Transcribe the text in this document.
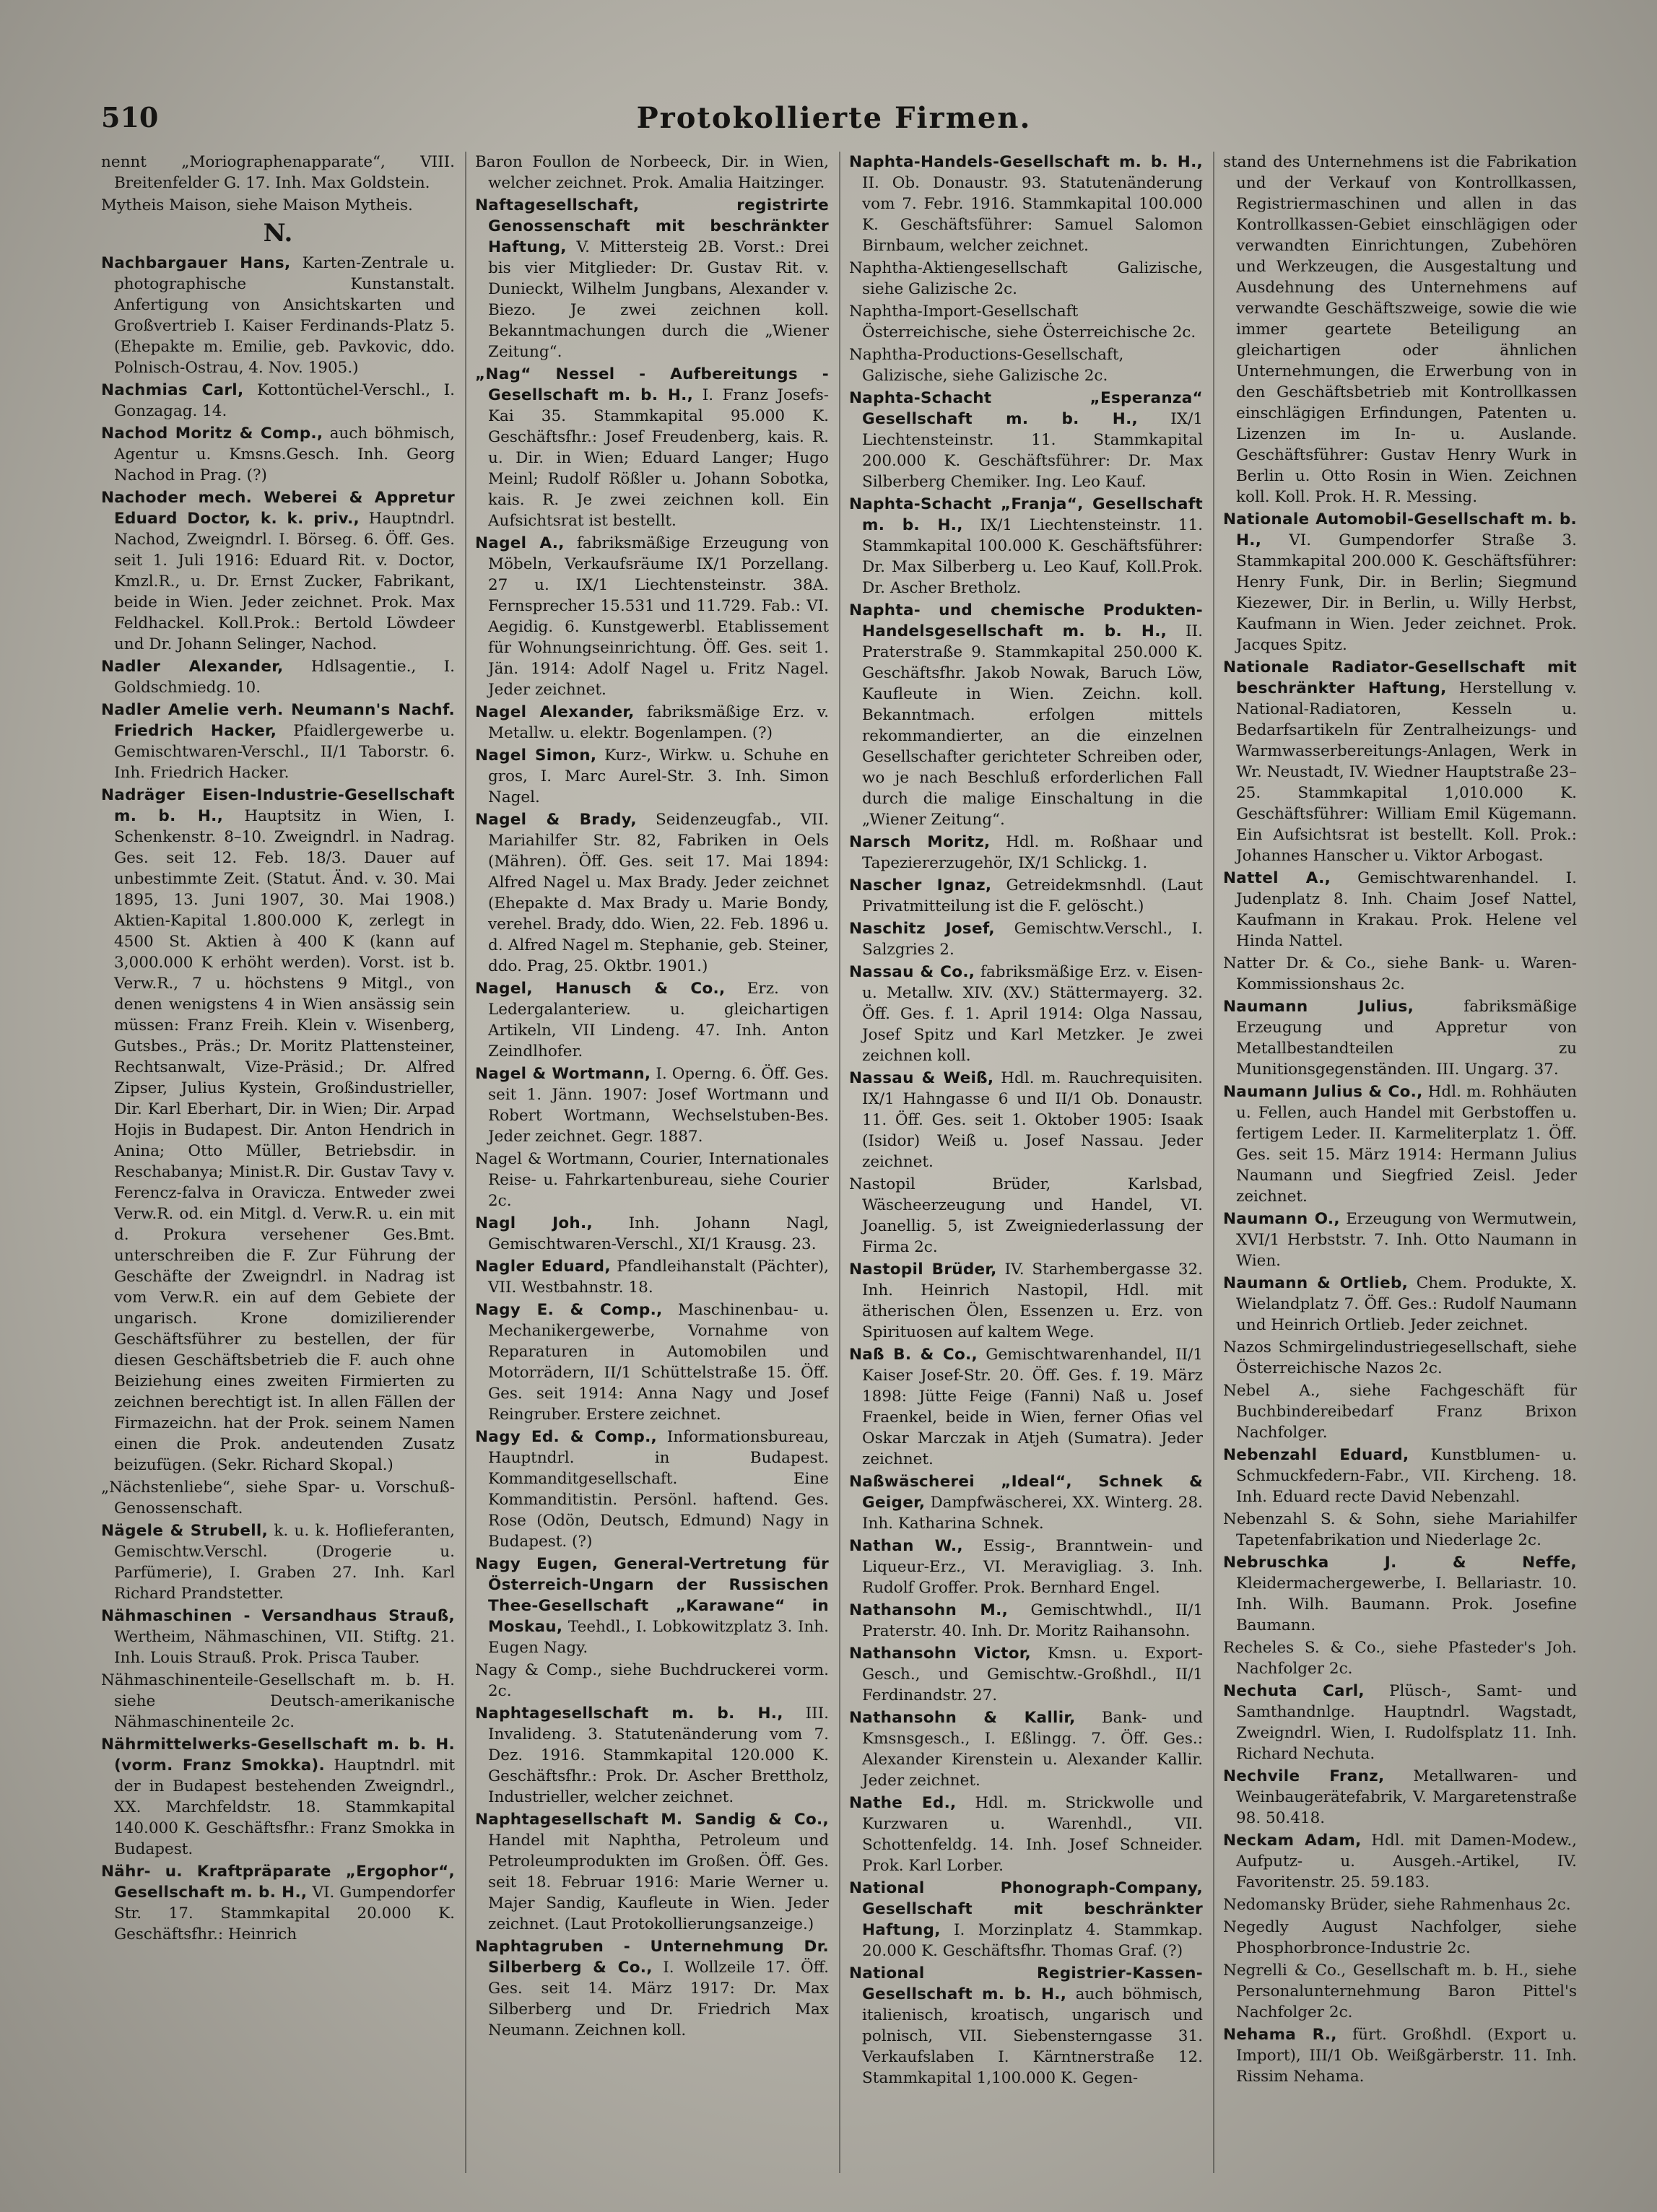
510	Protokollierte Firmen.

nennt „Moriographenapparate“, VIII. Breitenfelder G. 17. Inh. Max Goldstein.

Mytheis Maison, siehe Maison Mytheis.

N.

Nachbargauer Hans, Karten-Zentrale u. photographische Kunstanstalt. Anfertigung von Ansichtskarten und Großvertrieb I. Kaiser Ferdinands-Platz 5. (Ehepakte m. Emilie, geb. Pavkovic, ddo. Polnisch-Ostrau, 4. Nov. 1905.)

Nachmias Carl, Kottontüchel-Verschl., I. Gonzagag. 14.

Nachod Moritz & Comp., auch böhmisch, Agentur u. Kmsns.Gesch. Inh. Georg Nachod in Prag. (?)

Nachoder mech. Weberei & Appretur Eduard Doctor, k. k. priv., Hauptndrl. Nachod, Zweigndrl. I. Börseg. 6. Öff. Ges. seit 1. Juli 1916: Eduard Rit. v. Doctor, Kmzl.R., u. Dr. Ernst Zucker, Fabrikant, beide in Wien. Jeder zeichnet. Prok. Max Feldhackel. Koll.Prok.: Bertold Löwdeer und Dr. Johann Selinger, Nachod.

Nadler Alexander, Hdlsagentie., I. Goldschmiedg. 10.

Nadler Amelie verh. Neumann's Nachf. Friedrich Hacker, Pfaidlergewerbe u. Gemischtwaren-Verschl., II/1 Taborstr. 6. Inh. Friedrich Hacker.

Nadräger Eisen-Industrie-Gesellschaft m. b. H., Hauptsitz in Wien, I. Schenkenstr. 8–10. Zweigndrl. in Nadrag. Ges. seit 12. Feb. 18/3. Dauer auf unbestimmte Zeit. (Statut. Änd. v. 30. Mai 1895, 13. Juni 1907, 30. Mai 1908.) Aktien-Kapital 1.800.000 K, zerlegt in 4500 St. Aktien à 400 K (kann auf 3,000.000 K erhöht werden). Vorst. ist b. Verw.R., 7 u. höchstens 9 Mitgl., von denen wenigstens 4 in Wien ansässig sein müssen: Franz Freih. Klein v. Wisenberg, Gutsbes., Präs.; Dr. Moritz Plattensteiner, Rechtsanwalt, Vize-Präsid.; Dr. Alfred Zipser, Julius Kystein, Großindustrieller, Dir. Karl Eberhart, Dir. in Wien; Dir. Arpad Hojis in Budapest. Dir. Anton Hendrich in Anina; Otto Müller, Betriebsdir. in Reschabanya; Minist.R. Dir. Gustav Tavy v. Ferencz-falva in Oravicza. Entweder zwei Verw.R. od. ein Mitgl. d. Verw.R. u. ein mit d. Prokura versehener Ges.Bmt. unterschreiben die F. Zur Führung der Geschäfte der Zweigndrl. in Nadrag ist vom Verw.R. ein auf dem Gebiete der ungarisch. Krone domizilierender Geschäftsführer zu bestellen, der für diesen Geschäftsbetrieb die F. auch ohne Beiziehung eines zweiten Firmierten zu zeichnen berechtigt ist. In allen Fällen der Firmazeichn. hat der Prok. seinem Namen einen die Prok. andeutenden Zusatz beizufügen. (Sekr. Richard Skopal.)

„Nächstenliebe“, siehe Spar- u. Vorschuß-Genossenschaft.

Nägele & Strubell, k. u. k. Hoflieferanten, Gemischtw.Verschl. (Drogerie u. Parfümerie), I. Graben 27. Inh. Karl Richard Prandstetter.

Nähmaschinen - Versandhaus Strauß, Wertheim, Nähmaschinen, VII. Stiftg. 21. Inh. Louis Strauß. Prok. Prisca Tauber.

Nähmaschinenteile-Gesellschaft m. b. H. siehe Deutsch-amerikanische Nähmaschinenteile 2c.

Nährmittelwerks-Gesellschaft m. b. H. (vorm. Franz Smokka). Hauptndrl. mit der in Budapest bestehenden Zweigndrl., XX. Marchfeldstr. 18. Stammkapital 140.000 K. Geschäftsfhr.: Franz Smokka in Budapest.

Nähr- u. Kraftpräparate „Ergophor“, Gesellschaft m. b. H., VI. Gumpendorfer Str. 17. Stammkapital 20.000 K. Geschäftsfhr.: Heinrich

Baron Foullon de Norbeeck, Dir. in Wien, welcher zeichnet. Prok. Amalia Haitzinger.

Naftagesellschaft, registrirte Genossenschaft mit beschränkter Haftung, V. Mittersteig 2B. Vorst.: Drei bis vier Mitglieder: Dr. Gustav Rit. v. Dunieckt, Wilhelm Jungbans, Alexander v. Biezo. Je zwei zeichnen koll. Bekanntmachungen durch die „Wiener Zeitung“.

„Nag“ Nessel - Aufbereitungs - Gesellschaft m. b. H., I. Franz Josefs-Kai 35. Stammkapital 95.000 K. Geschäftsfhr.: Josef Freudenberg, kais. R. u. Dir. in Wien; Eduard Langer; Hugo Meinl; Rudolf Rößler u. Johann Sobotka, kais. R. Je zwei zeichnen koll. Ein Aufsichtsrat ist bestellt.

Nagel A., fabriksmäßige Erzeugung von Möbeln, Verkaufsräume IX/1 Porzellang. 27 u. IX/1 Liechtensteinstr. 38A. Fernsprecher 15.531 und 11.729. Fab.: VI. Aegidig. 6. Kunstgewerbl. Etablissement für Wohnungseinrichtung. Öff. Ges. seit 1. Jän. 1914: Adolf Nagel u. Fritz Nagel. Jeder zeichnet.

Nagel Alexander, fabriksmäßige Erz. v. Metallw. u. elektr. Bogenlampen. (?)

Nagel Simon, Kurz-, Wirkw. u. Schuhe en gros, I. Marc Aurel-Str. 3. Inh. Simon Nagel.

Nagel & Brady, Seidenzeugfab., VII. Mariahilfer Str. 82, Fabriken in Oels (Mähren). Öff. Ges. seit 17. Mai 1894: Alfred Nagel u. Max Brady. Jeder zeichnet (Ehepakte d. Max Brady u. Marie Bondy, verehel. Brady, ddo. Wien, 22. Feb. 1896 u. d. Alfred Nagel m. Stephanie, geb. Steiner, ddo. Prag, 25. Oktbr. 1901.)

Nagel, Hanusch & Co., Erz. von Ledergalanteriew. u. gleichartigen Artikeln, VII Lindeng. 47. Inh. Anton Zeindlhofer.

Nagel & Wortmann, I. Operng. 6. Öff. Ges. seit 1. Jänn. 1907: Josef Wortmann und Robert Wortmann, Wechselstuben-Bes. Jeder zeichnet. Gegr. 1887.

Nagel & Wortmann, Courier, Internationales Reise- u. Fahrkartenbureau, siehe Courier 2c.

Nagl Joh., Inh. Johann Nagl, Gemischtwaren-Verschl., XI/1 Krausg. 23.

Nagler Eduard, Pfandleihanstalt (Pächter), VII. Westbahnstr. 18.

Nagy E. & Comp., Maschinenbau- u. Mechanikergewerbe, Vornahme von Reparaturen in Automobilen und Motorrädern, II/1 Schüttelstraße 15. Öff. Ges. seit 1914: Anna Nagy und Josef Reingruber. Erstere zeichnet.

Nagy Ed. & Comp., Informationsbureau, Hauptndrl. in Budapest. Kommanditgesellschaft. Eine Kommanditistin. Persönl. haftend. Ges. Rose (Odön, Deutsch, Edmund) Nagy in Budapest. (?)

Nagy Eugen, General-Vertretung für Österreich-Ungarn der Russischen Thee-Gesellschaft „Karawane“ in Moskau, Teehdl., I. Lobkowitzplatz 3. Inh. Eugen Nagy.

Nagy & Comp., siehe Buchdruckerei vorm. 2c.

Naphtagesellschaft m. b. H., III. Invalideng. 3. Statutenänderung vom 7. Dez. 1916. Stammkapital 120.000 K. Geschäftsfhr.: Prok. Dr. Ascher Brettholz, Industrieller, welcher zeichnet.

Naphtagesellschaft M. Sandig & Co., Handel mit Naphtha, Petroleum und Petroleumprodukten im Großen. Öff. Ges. seit 18. Februar 1916: Marie Werner u. Majer Sandig, Kaufleute in Wien. Jeder zeichnet. (Laut Protokollierungsanzeige.)

Naphtagruben - Unternehmung Dr. Silberberg & Co., I. Wollzeile 17. Öff. Ges. seit 14. März 1917: Dr. Max Silberberg und Dr. Friedrich Max Neumann. Zeichnen koll.

Naphta-Handels-Gesellschaft m. b. H., II. Ob. Donaustr. 93. Statutenänderung vom 7. Febr. 1916. Stammkapital 100.000 K. Geschäftsführer: Samuel Salomon Birnbaum, welcher zeichnet.

Naphtha-Aktiengesellschaft Galizische, siehe Galizische 2c.

Naphtha-Import-Gesellschaft Österreichische, siehe Österreichische 2c.

Naphtha-Productions-Gesellschaft, Galizische, siehe Galizische 2c.

Naphta-Schacht „Esperanza“ Gesellschaft m. b. H., IX/1 Liechtensteinstr. 11. Stammkapital 200.000 K. Geschäftsführer: Dr. Max Silberberg Chemiker. Ing. Leo Kauf.

Naphta-Schacht „Franja“, Gesellschaft m. b. H., IX/1 Liechtensteinstr. 11. Stammkapital 100.000 K. Geschäftsführer: Dr. Max Silberberg u. Leo Kauf, Koll.Prok. Dr. Ascher Bretholz.

Naphta- und chemische Produkten-Handelsgesellschaft m. b. H., II. Praterstraße 9. Stammkapital 250.000 K. Geschäftsfhr. Jakob Nowak, Baruch Löw, Kaufleute in Wien. Zeichn. koll. Bekanntmach. erfolgen mittels rekommandierter, an die einzelnen Gesellschafter gerichteter Schreiben oder, wo je nach Beschluß erforderlichen Fall durch die malige Einschaltung in die „Wiener Zeitung“.

Narsch Moritz, Hdl. m. Roßhaar und Tapeziererzugehör, IX/1 Schlickg. 1.

Nascher Ignaz, Getreidekmsnhdl. (Laut Privatmitteilung ist die F. gelöscht.)

Naschitz Josef, Gemischtw.Verschl., I. Salzgries 2.

Nassau & Co., fabriksmäßige Erz. v. Eisen- u. Metallw. XIV. (XV.) Stättermayerg. 32. Öff. Ges. f. 1. April 1914: Olga Nassau, Josef Spitz und Karl Metzker. Je zwei zeichnen koll.

Nassau & Weiß, Hdl. m. Rauchrequisiten. IX/1 Hahngasse 6 und II/1 Ob. Donaustr. 11. Öff. Ges. seit 1. Oktober 1905: Isaak (Isidor) Weiß u. Josef Nassau. Jeder zeichnet.

Nastopil Brüder, Karlsbad, Wäscheerzeugung und Handel, VI. Joanellig. 5, ist Zweigniederlassung der Firma 2c.

Nastopil Brüder, IV. Starhembergasse 32. Inh. Heinrich Nastopil, Hdl. mit ätherischen Ölen, Essenzen u. Erz. von Spirituosen auf kaltem Wege.

Naß B. & Co., Gemischtwarenhandel, II/1 Kaiser Josef-Str. 20. Öff. Ges. f. 19. März 1898: Jütte Feige (Fanni) Naß u. Josef Fraenkel, beide in Wien, ferner Ofias vel Oskar Marczak in Atjeh (Sumatra). Jeder zeichnet.

Naßwäscherei „Ideal“, Schnek & Geiger, Dampfwäscherei, XX. Winterg. 28. Inh. Katharina Schnek.

Nathan W., Essig-, Branntwein- und Liqueur-Erz., VI. Meravigliag. 3. Inh. Rudolf Groffer. Prok. Bernhard Engel.

Nathansohn M., Gemischtwhdl., II/1 Praterstr. 40. Inh. Dr. Moritz Raihansohn.

Nathansohn Victor, Kmsn. u. Export-Gesch., und Gemischtw.-Großhdl., II/1 Ferdinandstr. 27.

Nathansohn & Kallir, Bank- und Kmsnsgesch., I. Eßlingg. 7. Öff. Ges.: Alexander Kirenstein u. Alexander Kallir. Jeder zeichnet.

Nathe Ed., Hdl. m. Strickwolle und Kurzwaren u. Warenhdl., VII. Schottenfeldg. 14. Inh. Josef Schneider. Prok. Karl Lorber.

National Phonograph-Company, Gesellschaft mit beschränkter Haftung, I. Morzinplatz 4. Stammkap. 20.000 K. Geschäftsfhr. Thomas Graf. (?)

National Registrier-Kassen-Gesellschaft m. b. H., auch böhmisch, italienisch, kroatisch, ungarisch und polnisch, VII. Siebensterngasse 31. Verkaufslaben I. Kärntnerstraße 12. Stammkapital 1,100.000 K. Gegen-

stand des Unternehmens ist die Fabrikation und der Verkauf von Kontrollkassen, Registriermaschinen und allen in das Kontrollkassen-Gebiet einschlägigen oder verwandten Einrichtungen, Zubehören und Werkzeugen, die Ausgestaltung und Ausdehnung des Unternehmens auf verwandte Geschäftszweige, sowie die wie immer geartete Beteiligung an gleichartigen oder ähnlichen Unternehmungen, die Erwerbung von in den Geschäftsbetrieb mit Kontrollkassen einschlägigen Erfindungen, Patenten u. Lizenzen im In- u. Auslande. Geschäftsführer: Gustav Henry Wurk in Berlin u. Otto Rosin in Wien. Zeichnen koll. Koll. Prok. H. R. Messing.

Nationale Automobil-Gesellschaft m. b. H., VI. Gumpendorfer Straße 3. Stammkapital 200.000 K. Geschäftsführer: Henry Funk, Dir. in Berlin; Siegmund Kiezewer, Dir. in Berlin, u. Willy Herbst, Kaufmann in Wien. Jeder zeichnet. Prok. Jacques Spitz.

Nationale Radiator-Gesellschaft mit beschränkter Haftung, Herstellung v. National-Radiatoren, Kesseln u. Bedarfsartikeln für Zentralheizungs- und Warmwasserbereitungs-Anlagen, Werk in Wr. Neustadt, IV. Wiedner Hauptstraße 23–25. Stammkapital 1,010.000 K. Geschäftsführer: William Emil Kügemann. Ein Aufsichtsrat ist bestellt. Koll. Prok.: Johannes Hanscher u. Viktor Arbogast.

Nattel A., Gemischtwarenhandel. I. Judenplatz 8. Inh. Chaim Josef Nattel, Kaufmann in Krakau. Prok. Helene vel Hinda Nattel.

Natter Dr. & Co., siehe Bank- u. Waren-Kommissionshaus 2c.

Naumann Julius,	fabriksmäßige Erzeugung und Appretur von Metallbestandteilen zu Munitionsgegenständen. III. Ungarg. 37.

Naumann Julius & Co., Hdl. m. Rohhäuten u. Fellen, auch Handel mit Gerbstoffen u. fertigem Leder. II. Karmeliterplatz 1. Öff. Ges. seit 15. März 1914: Hermann Julius Naumann und Siegfried Zeisl. Jeder zeichnet.

Naumann O., Erzeugung von Wermutwein, XVI/1 Herbststr. 7. Inh. Otto Naumann in Wien.

Naumann & Ortlieb, Chem. Produkte, X. Wielandplatz 7. Öff. Ges.: Rudolf Naumann und Heinrich Ortlieb. Jeder zeichnet.

Nazos Schmirgelindustriegesellschaft, siehe Österreichische Nazos 2c.

Nebel A., siehe Fachgeschäft für Buchbindereibedarf Franz Brixon Nachfolger.

Nebenzahl Eduard, Kunstblumen- u. Schmuckfedern-Fabr., VII. Kircheng. 18. Inh. Eduard recte David Nebenzahl.

Nebenzahl S. & Sohn, siehe Mariahilfer Tapetenfabrikation und Niederlage 2c.

Nebruschka J. & Neffe, Kleidermachergewerbe, I. Bellariastr. 10. Inh. Wilh. Baumann. Prok. Josefine Baumann.

Recheles S. & Co., siehe Pfasteder's Joh. Nachfolger 2c.

Nechuta Carl, Plüsch-, Samt- und Samthandnlge. Hauptndrl. Wagstadt, Zweigndrl. Wien, I. Rudolfsplatz 11. Inh. Richard Nechuta.

Nechvile Franz, Metallwaren- und Weinbaugerätefabrik, V. Margaretenstraße 98. 50.418.

Neckam Adam, Hdl. mit Damen-Modew., Aufputz- u. Ausgeh.-Artikel, IV. Favoritenstr. 25. 59.183.

Nedomansky Brüder, siehe Rahmenhaus 2c.

Negedly August Nachfolger, siehe Phosphorbronce-Industrie 2c.

Negrelli & Co., Gesellschaft m. b. H., siehe Personalunternehmung Baron Pittel's Nachfolger 2c.

Nehama R., fürt. Großhdl. (Export u. Import), III/1 Ob. Weißgärberstr. 11. Inh. Rissim Nehama.
